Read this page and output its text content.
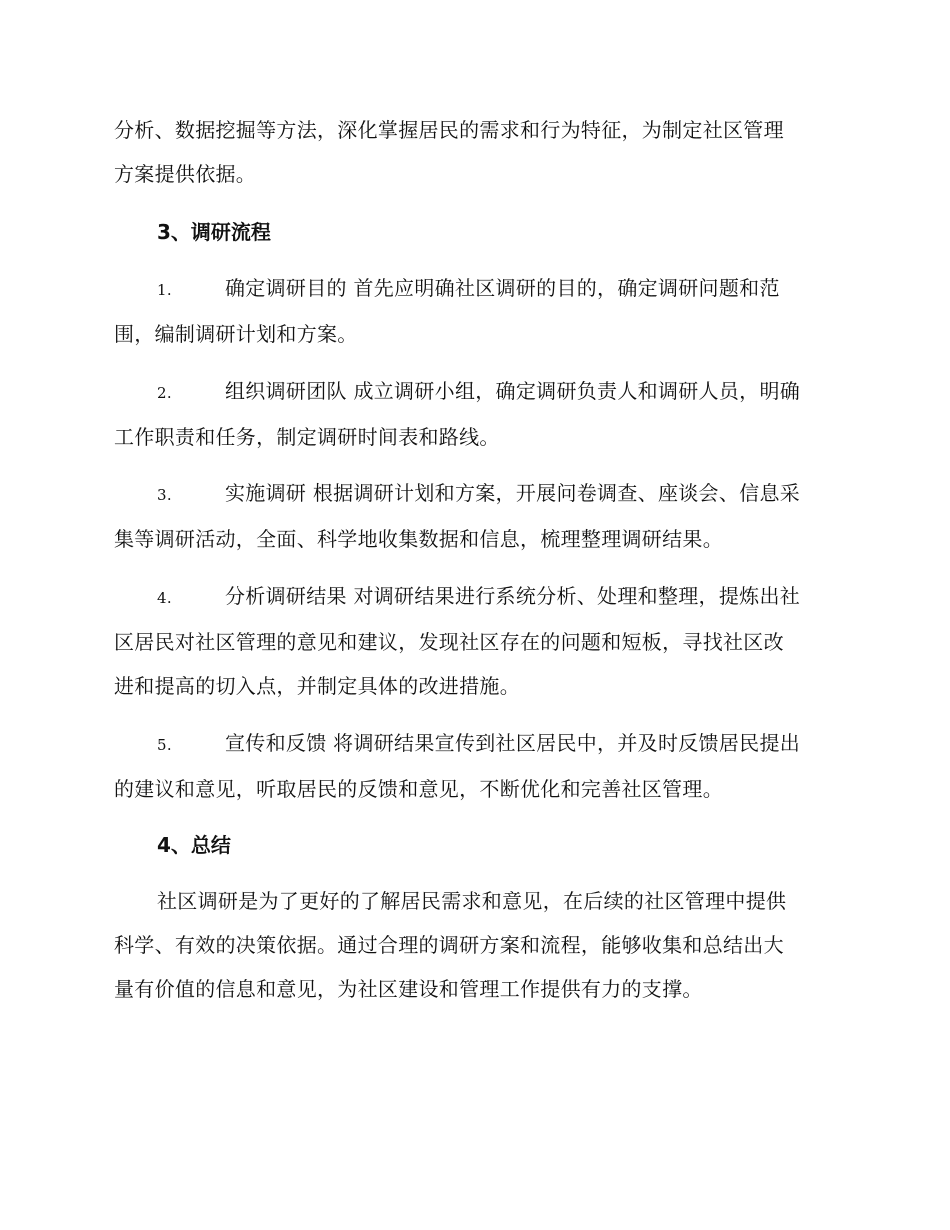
分析、数据挖掘等方法，深化掌握居民的需求和行为特征，为制定社区管理
方案提供依据。
3、调研流程
1.	确定调研目的 首先应明确社区调研的目的，确定调研问题和范
围，编制调研计划和方案。
2.	组织调研团队 成立调研小组，确定调研负责人和调研人员，明确
工作职责和任务，制定调研时间表和路线。
3.	实施调研 根据调研计划和方案，开展问卷调查、座谈会、信息采
集等调研活动，全面、科学地收集数据和信息，梳理整理调研结果。
4.	分析调研结果 对调研结果进行系统分析、处理和整理，提炼出社
区居民对社区管理的意见和建议，发现社区存在的问题和短板，寻找社区改
进和提高的切入点，并制定具体的改进措施。
5.	宣传和反馈 将调研结果宣传到社区居民中，并及时反馈居民提出
的建议和意见，听取居民的反馈和意见，不断优化和完善社区管理。
4、总结
社区调研是为了更好的了解居民需求和意见，在后续的社区管理中提供
科学、有效的决策依据。通过合理的调研方案和流程，能够收集和总结出大
量有价值的信息和意见，为社区建设和管理工作提供有力的支撑。
